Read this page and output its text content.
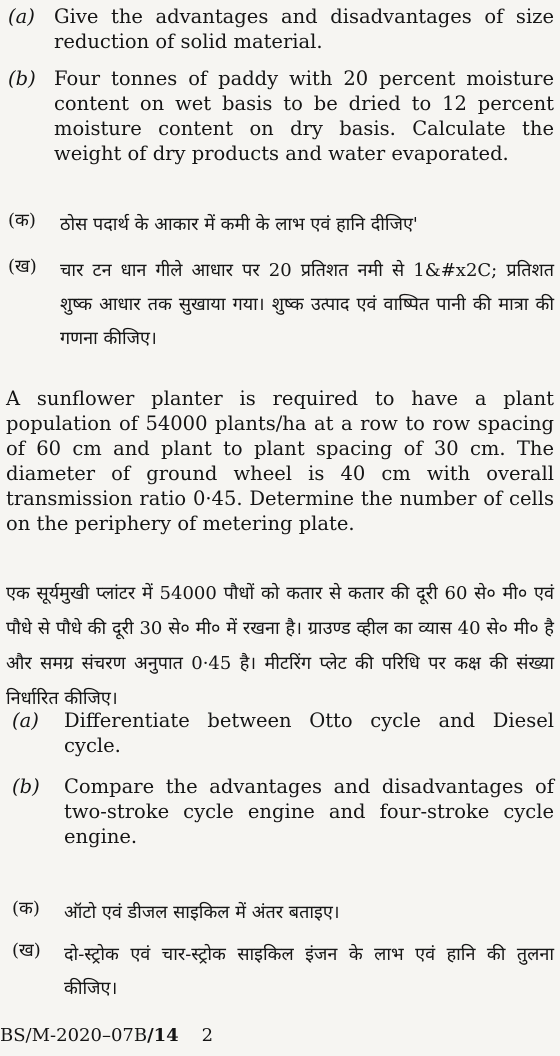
(a) Give the advantages and disadvantages of size reduction of solid material.
(b) Four tonnes of paddy with 20 percent moisture content on wet basis to be dried to 12 percent moisture content on dry basis. Calculate the weight of dry products and water evaporated.
(क)	ठोस पदार्थ के आकार में कमी के लाभ एवं हानि दीजिए'
(ख)	चार टन धान गीले आधार पर 20 प्रतिशत नमी से 1&#x2C; प्रतिशत शुष्क आधार तक सुखाया गया। शुष्क उत्पाद एवं वाष्पित पानी की मात्रा की गणना कीजिए।

A sunflower planter is required to have a plant population of 54000 plants/ha at a row to row spacing of 60 cm and plant to plant spacing of 30 cm. The diameter of ground wheel is 40 cm with overall transmission ratio 0·45. Determine the number of cells on the periphery of metering plate.

एक सूर्यमुखी प्लांटर में 54000 पौधों को कतार से कतार की दूरी 60 से० मी० एवं पौधे से पौधे की दूरी 30 से० मी० में रखना है। ग्राउण्ड व्हील का व्यास 40 से० मी० है और समग्र संचरण अनुपात 0·45 है। मीटरिंग प्लेट की परिधि पर कक्ष की संख्या निर्धारित कीजिए।

(a)	Differentiate between Otto cycle and Diesel cycle.
(b)	Compare the advantages and disadvantages of two-stroke cycle engine and four-stroke cycle engine.
(क)	ऑटो एवं डीजल साइकिल में अंतर बताइए।
(ख)	दो-स्ट्रोक एवं चार-स्ट्रोक साइकिल इंजन के लाभ एवं हानि की तुलना कीजिए।
BS/M-2020–07B/14 2
